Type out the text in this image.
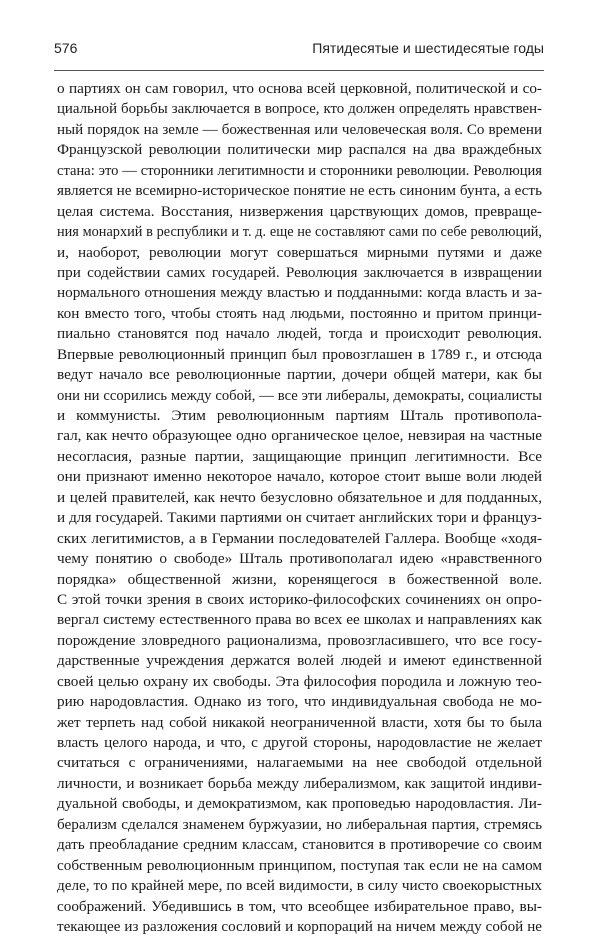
576	Пятидесятые и шестидесятые годы
о партиях он сам говорил, что основа всей церковной, политической и со-
циальной борьбы заключается в вопросе, кто должен определять нравствен-
ный порядок на земле — божественная или человеческая воля. Со времени
Французской революции политически мир распался на два враждебных
стана: это — сторонники легитимности и сторонники революции. Революция
является не всемирно-историческое понятие не есть синоним бунта, а есть
целая система. Восстания, низвержения царствующих домов, превраще-
ния монархий в республики и т. д. еще не составляют сами по себе революций,
и, наоборот, революции могут совершаться мирными путями и даже
при содействии самих государей. Революция заключается в извращении
нормального отношения между властью и подданными: когда власть и за-
кон вместо того, чтобы стоять над людьми, постоянно и притом принци-
пиально становятся под начало людей, тогда и происходит революция.
Впервые революционный принцип был провозглашен в 1789 г., и отсюда
ведут начало все революционные партии, дочери общей матери, как бы
они ни ссорились между собой, — все эти либералы, демократы, социалисты
и коммунисты. Этим революционным партиям Шталь противопола-
гал, как нечто образующее одно органическое целое, невзирая на частные
несогласия, разные партии, защищающие принцип легитимности. Все
они признают именно некоторое начало, которое стоит выше воли людей
и целей правителей, как нечто безусловно обязательное и для подданных,
и для государей. Такими партиями он считает английских тори и француз-
ских легитимистов, а в Германии последователей Галлера. Вообще «ходя-
чему понятию о свободе» Шталь противополагал идею «нравственного
порядка» общественной жизни, коренящегося в божественной воле.
С этой точки зрения в своих историко-философских сочинениях он опро-
вергал систему естественного права во всех ее школах и направлениях как
порождение зловредного рационализма, провозгласившего, что все госу-
дарственные учреждения держатся волей людей и имеют единственной
своей целью охрану их свободы. Эта философия породила и ложную тео-
рию народовластия. Однако из того, что индивидуальная свобода не мо-
жет терпеть над собой никакой неограниченной власти, хотя бы то была
власть целого народа, и что, с другой стороны, народовластие не желает
считаться с ограничениями, налагаемыми на нее свободой отдельной
личности, и возникает борьба между либерализмом, как защитой индиви-
дуальной свободы, и демократизмом, как проповедью народовластия. Ли-
берализм сделался знаменем буржуазии, но либеральная партия, стремясь
дать преобладание средним классам, становится в противоречие со своим
собственным революционным принципом, поступая так если не на самом
деле, то по крайней мере, по всей видимости, в силу чисто своекорыстных
соображений. Убедившись в том, что всеобщее избирательное право, вы-
текающее из разложения сословий и корпораций на ничем между собой не
